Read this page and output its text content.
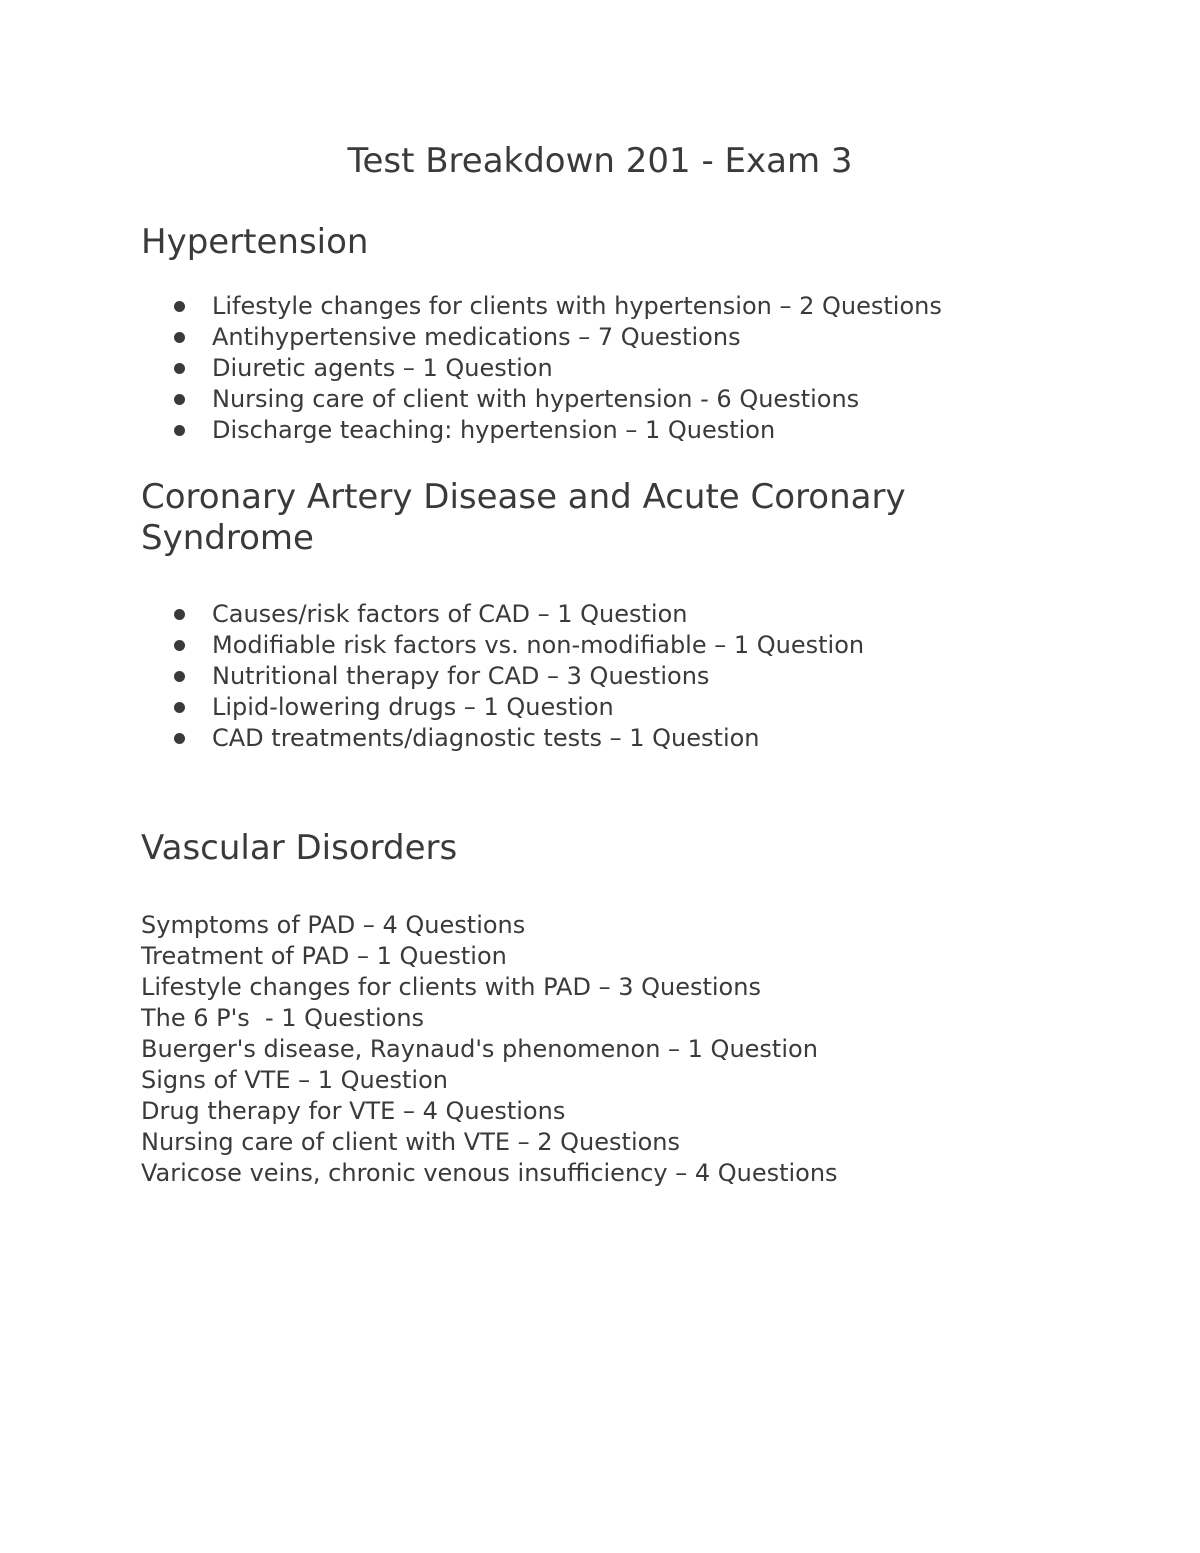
Test Breakdown 201 - Exam 3
Hypertension
Lifestyle changes for clients with hypertension – 2 Questions
Antihypertensive medications – 7 Questions
Diuretic agents – 1 Question
Nursing care of client with hypertension - 6 Questions
Discharge teaching: hypertension – 1 Question
Coronary Artery Disease and Acute Coronary
Syndrome
Causes/risk factors of CAD – 1 Question
Modifiable risk factors vs. non-modifiable – 1 Question
Nutritional therapy for CAD – 3 Questions
Lipid-lowering drugs – 1 Question
CAD treatments/diagnostic tests – 1 Question
Vascular Disorders
Symptoms of PAD – 4 Questions
Treatment of PAD – 1 Question
Lifestyle changes for clients with PAD – 3 Questions
The 6 P's  - 1 Questions
Buerger's disease, Raynaud's phenomenon – 1 Question
Signs of VTE – 1 Question
Drug therapy for VTE – 4 Questions
Nursing care of client with VTE – 2 Questions
Varicose veins, chronic venous insufficiency – 4 Questions
